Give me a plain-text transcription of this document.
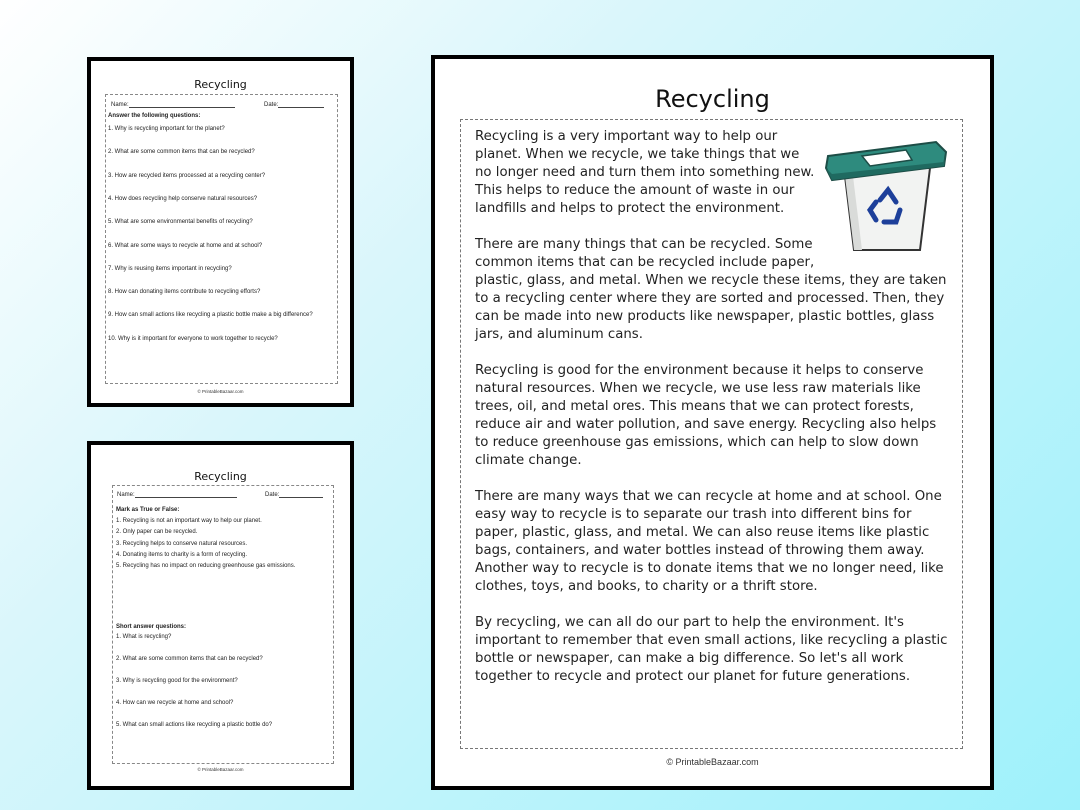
Recycling
Name:	Date:
Answer the following questions:
1. Why is recycling important for the planet?
2. What are some common items that can be recycled?
3. How are recycled items processed at a recycling center?
4. How does recycling help conserve natural resources?
5. What are some environmental benefits of recycling?
6. What are some ways to recycle at home and at school?
7. Why is reusing items important in recycling?
8. How can donating items contribute to recycling efforts?
9. How can small actions like recycling a plastic bottle make a big difference?
10. Why is it important for everyone to work together to recycle?
© PrintableBazaar.com
Recycling
Name:	Date:
Mark as True or False:
1. Recycling is not an important way to help our planet.
2. Only paper can be recycled.
3. Recycling helps to conserve natural resources.
4. Donating items to charity is a form of recycling.
5. Recycling has no impact on reducing greenhouse gas emissions.
Short answer questions:
1. What is recycling?
2. What are some common items that can be recycled?
3. Why is recycling good for the environment?
4. How can we recycle at home and school?
5. What can small actions like recycling a plastic bottle do?
© PrintableBazaar.com
Recycling

Recycling is a very important way to help our planet. When we recycle, we take things that we no longer need and turn them into something new. This helps to reduce the amount of waste in our landfills and helps to protect the environment.

There are many things that can be recycled. Some common items that can be recycled include paper, plastic, glass, and metal. When we recycle these items, they are taken to a recycling center where they are sorted and processed. Then, they can be made into new products like newspaper, plastic bottles, glass jars, and aluminum cans.

Recycling is good for the environment because it helps to conserve natural resources. When we recycle, we use less raw materials like trees, oil, and metal ores. This means that we can protect forests, reduce air and water pollution, and save energy. Recycling also helps to reduce greenhouse gas emissions, which can help to slow down climate change.

There are many ways that we can recycle at home and at school. One easy way to recycle is to separate our trash into different bins for paper, plastic, glass, and metal. We can also reuse items like plastic bags, containers, and water bottles instead of throwing them away. Another way to recycle is to donate items that we no longer need, like clothes, toys, and books, to charity or a thrift store.

By recycling, we can all do our part to help the environment. It's important to remember that even small actions, like recycling a plastic bottle or newspaper, can make a big difference. So let's all work together to recycle and protect our planet for future generations.

© PrintableBazaar.com
